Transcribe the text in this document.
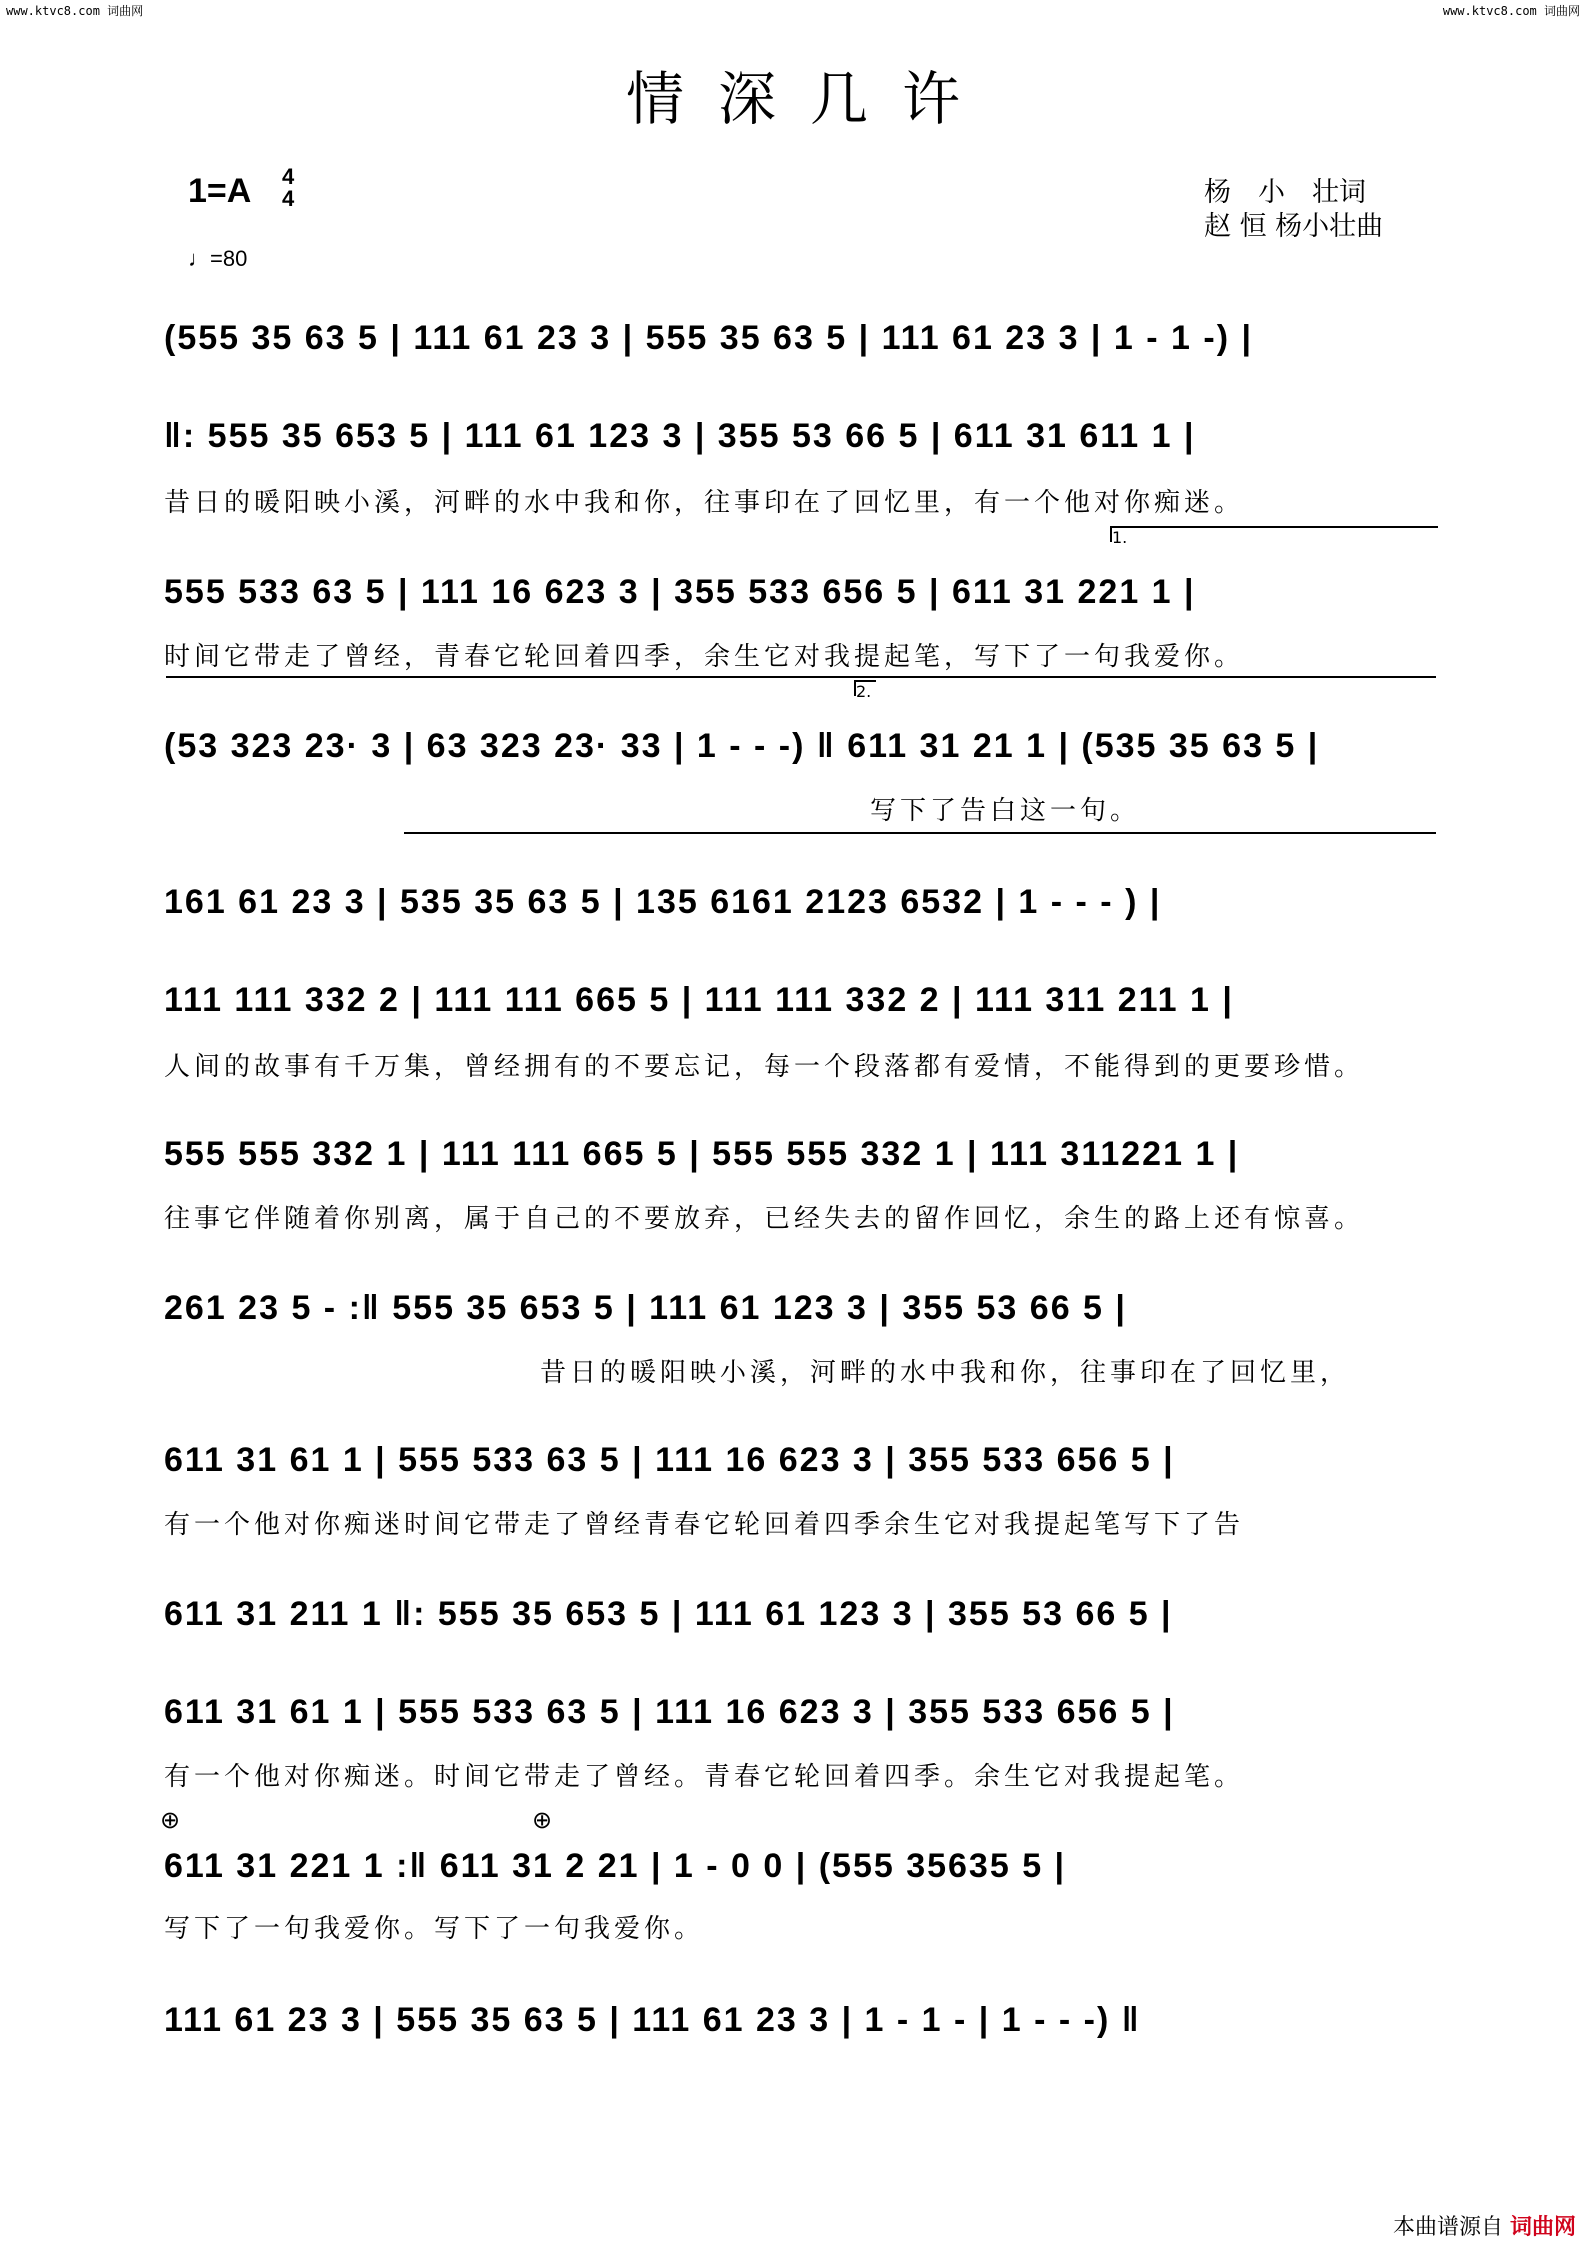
www.ktvc8.com 词曲网	www.ktvc8.com 词曲网
情深几许
1=A 4
4
♩=80
杨　小　壮词
赵 恒 杨小壮曲
(555 35 63 5 | 111 61 23 3 | 555 35 63 5 | 111 61 23 3 | 1 - 1 -) |
‖: 555 35 653 5 | 111 61 123 3 | 355 53 66 5 | 611 31 611 1 |
昔日的暖阳映小溪，河畔的水中我和你，往事印在了回忆里，有一个他对你痴迷。
1.
555 533 63 5 | 111 16 623 3 | 355 533 656 5 | 611 31 221 1 |
时间它带走了曾经，青春它轮回着四季，余生它对我提起笔，写下了一句我爱你。
2.
(53 323 23· 3 | 63 323 23· 33 | 1 - - -) ‖ 611 31 21 1 | (535 35 63 5 |
写下了告白这一句。
161 61 23 3 | 535 35 63 5 | 135 6161 2123 6532 | 1 - - - ) |
111 111 332 2 | 111 111 665 5 | 111 111 332 2 | 111 311 211 1 |
人间的故事有千万集，曾经拥有的不要忘记，每一个段落都有爱情，不能得到的更要珍惜。
555 555 332 1 | 111 111 665 5 | 555 555 332 1 | 111 311221 1 |
往事它伴随着你别离，属于自己的不要放弃，已经失去的留作回忆，余生的路上还有惊喜。
261 23 5 - :‖ 555 35 653 5 | 111 61 123 3 | 355 53 66 5 |
昔日的暖阳映小溪，河畔的水中我和你，往事印在了回忆里，
611 31 61 1 | 555 533 63 5 | 111 16 623 3 | 355 533 656 5 |
有一个他对你痴迷时间它带走了曾经青春它轮回着四季余生它对我提起笔写下了告
611 31 211 1 ‖: 555 35 653 5 | 111 61 123 3 | 355 53 66 5 |
611 31 61 1 | 555 533 63 5 | 111 16 623 3 | 355 533 656 5 |
有一个他对你痴迷。时间它带走了曾经。青春它轮回着四季。余生它对我提起笔。
⊕	⊕
611 31 221 1 :‖ 611 31 2 21 | 1 - 0 0 | (555 35635 5 |
写下了一句我爱你。写下了一句我爱你。
111 61 23 3 | 555 35 63 5 | 111 61 23 3 | 1 - 1 - | 1 - - -) ‖
本曲谱源自 词曲网
